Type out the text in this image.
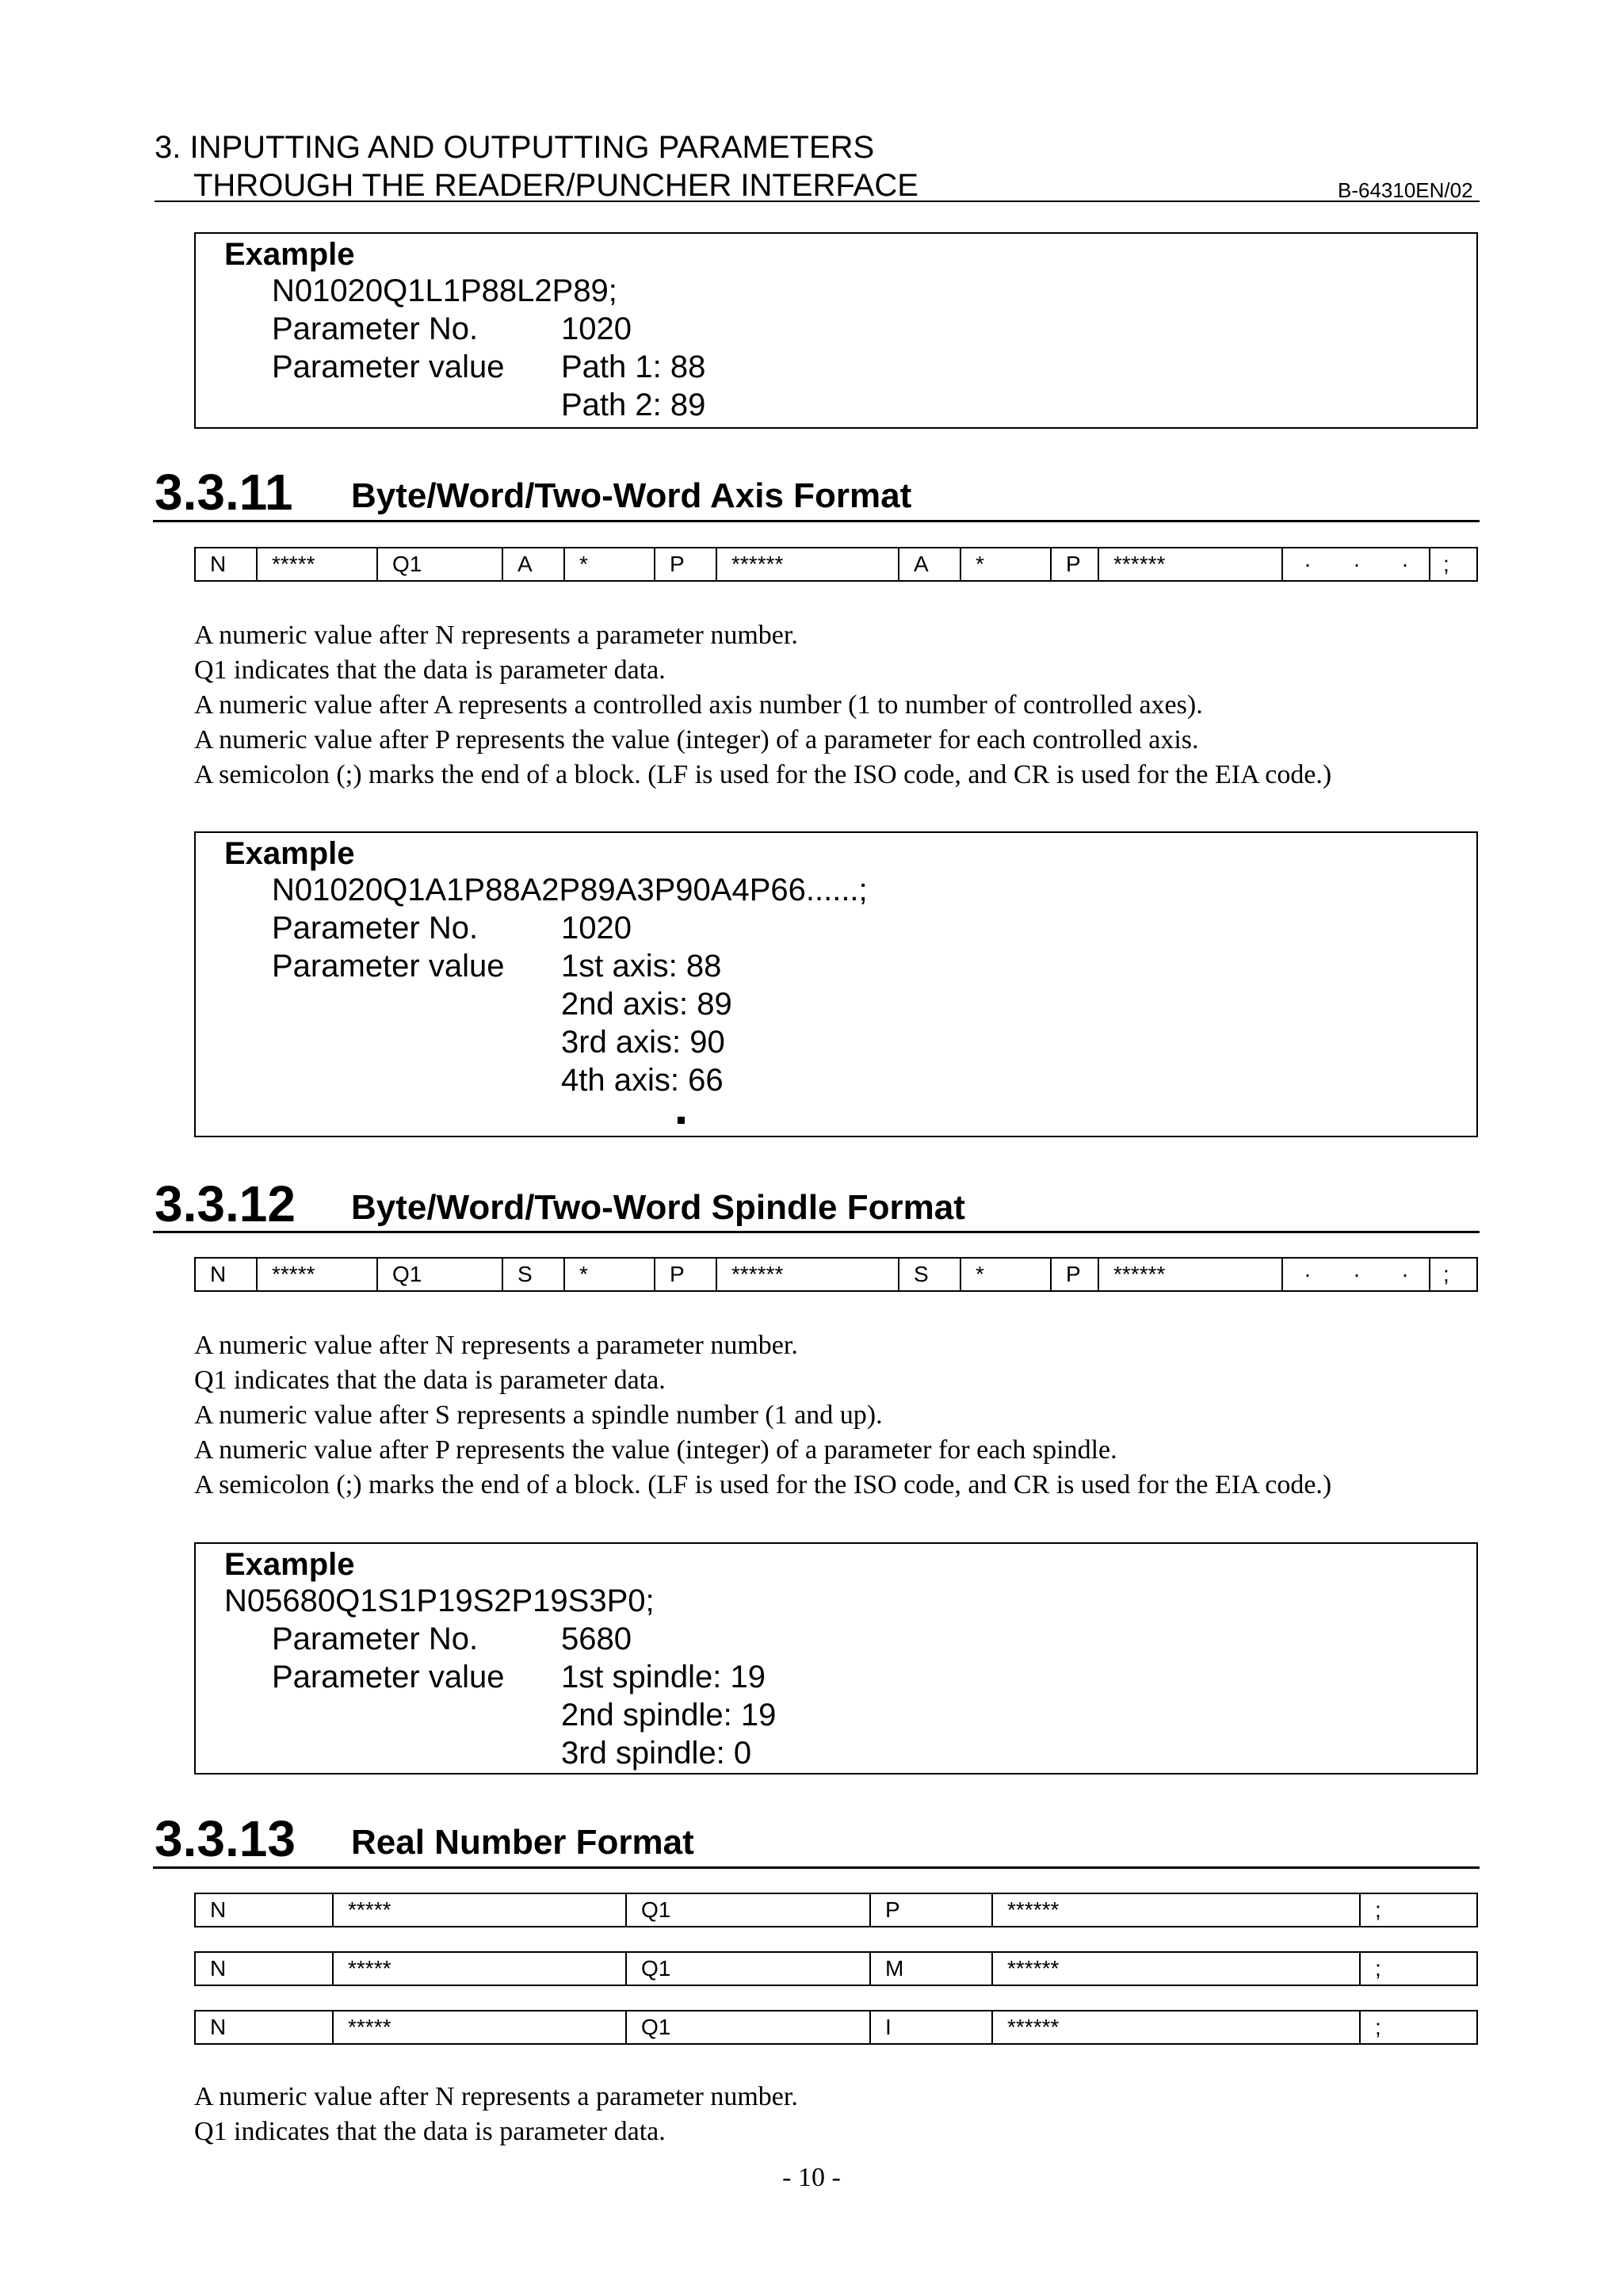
3. INPUTTING AND OUTPUTTING PARAMETERS
THROUGH THE READER/PUNCHER INTERFACE	B-64310EN/02
Example
N01020Q1L1P88L2P89;
Parameter No.	1020
Parameter value Path 1: 88
Path 2: 89
3.3.11 Byte/Word/Two-Word Axis Format
N	*****	Q1	A	*	P	******	A	*	P	******	·	·	·	;
A numeric value after N represents a parameter number.
Q1 indicates that the data is parameter data.
A numeric value after A represents a controlled axis number (1 to number of controlled axes).
A numeric value after P represents the value (integer) of a parameter for each controlled axis.
A semicolon (;) marks the end of a block. (LF is used for the ISO code, and CR is used for the EIA code.)
Example
N01020Q1A1P88A2P89A3P90A4P66......;
Parameter No.	1020
Parameter value 1st axis: 88
2nd axis: 89
3rd axis: 90
4th axis: 66
3.3.12 Byte/Word/Two-Word Spindle Format
N	*****	Q1	S	*	P	******	S	*	P	******	·	·	·	;
A numeric value after N represents a parameter number.
Q1 indicates that the data is parameter data.
A numeric value after S represents a spindle number (1 and up).
A numeric value after P represents the value (integer) of a parameter for each spindle.
A semicolon (;) marks the end of a block. (LF is used for the ISO code, and CR is used for the EIA code.)
Example
N05680Q1S1P19S2P19S3P0;
Parameter No.	5680
Parameter value 1st spindle: 19
2nd spindle: 19
3rd spindle: 0
3.3.13 Real Number Format
N	*****	Q1	P	******	;
N	*****	Q1	M	******	;
N	*****	Q1	I	******	;
A numeric value after N represents a parameter number.
Q1 indicates that the data is parameter data.
- 10 -
